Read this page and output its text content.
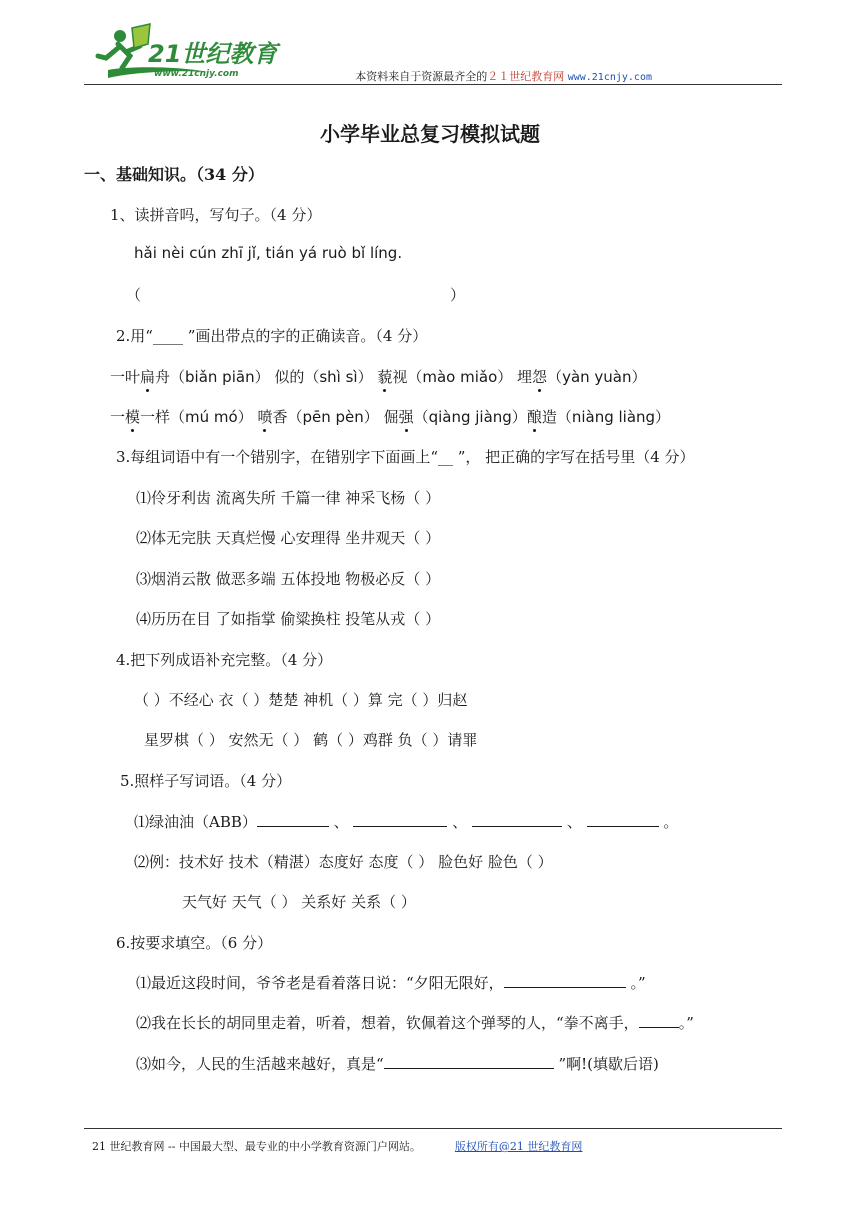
21世纪教育
www.21cnjy.com	本资料来自于资源最齐全的２１世纪教育网 www.21cnjy.com
小学毕业总复习模拟试题
一、基础知识。（34 分）
1、读拼音吗，写句子。（4 分）
hǎi nèi cún zhī jǐ, tián yá ruò bǐ líng.
（	）
2.用“____ ”画出带点的字的正确读音。（4 分）
一叶扁舟（biǎn piān） 似的（shì sì） 藐视（mào miǎo） 埋怨（yàn yuàn）
一模一样（mú mó） 喷香（pēn pèn） 倔强（qiàng jiàng）酿造（niàng liàng）
3.每组词语中有一个错别字，在错别字下面画上“__ ”， 把正确的字写在括号里（4 分）
⑴伶牙利齿 流离失所 千篇一律 神采飞杨（ ）
⑵体无完肤 天真烂慢 心安理得 坐井观天（ ）
⑶烟消云散 做恶多端 五体投地 物极必反（ ）
⑷历历在目 了如指掌 偷粱换柱 投笔从戎（ ）
4.把下列成语补充完整。（4 分）
（ ）不经心 衣（ ）楚楚 神机（ ）算 完（ ）归赵
星罗棋（ ） 安然无（ ） 鹤（ ）鸡群 负（ ）请罪
5.照样子写词语。（4 分）
⑴绿油油（ABB）	、	、	、	。
⑵例：技术好 技术（精湛）态度好 态度（ ） 脸色好 脸色（ ）
天气好 天气（ ） 关系好 关系（ ）
6.按要求填空。（6 分）
⑴最近这段时间，爷爷老是看着落日说：“夕阳无限好，	。”
⑵我在长长的胡同里走着，听着，想着，钦佩着这个弹琴的人，“拳不离手，	。”
⑶如今，人民的生活越来越好，真是“	”啊!(填歇后语)
21 世纪教育网 -- 中国最大型、最专业的中小学教育资源门户网站。	版权所有@21 世纪教育网
